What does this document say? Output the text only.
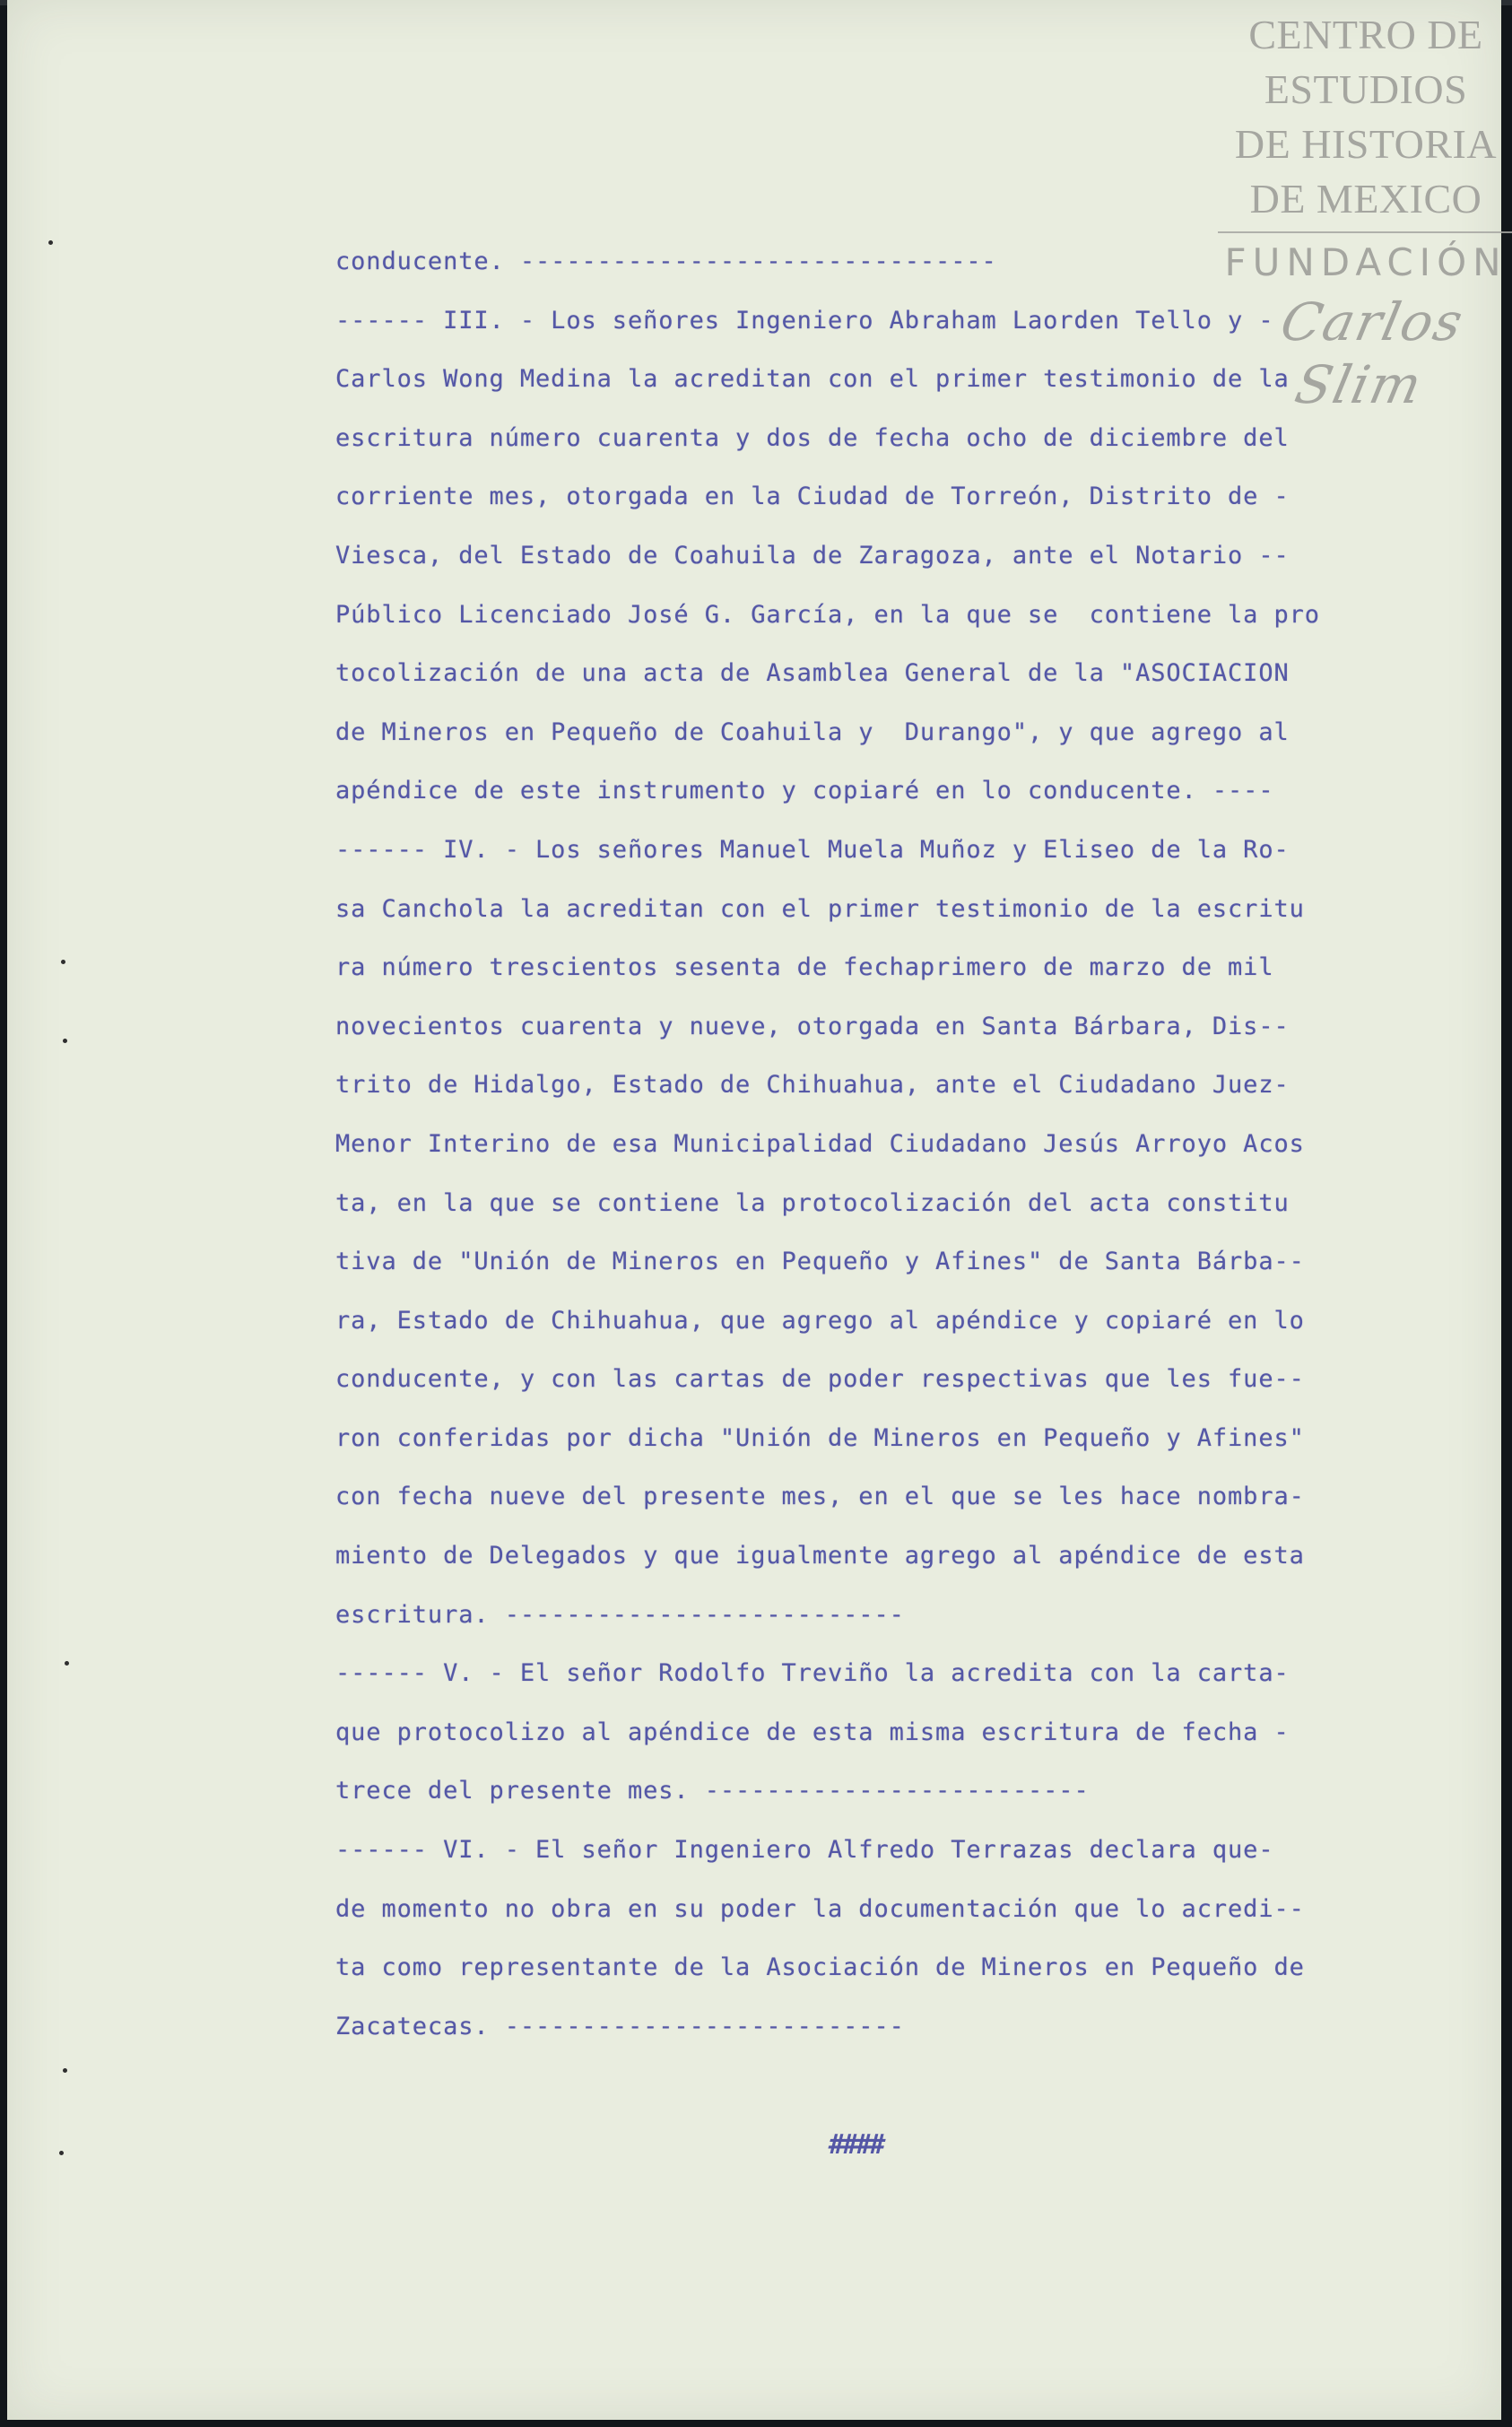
CENTRO DE
ESTUDIOS
DE HISTORIA
DE MEXICO
FUNDACIÓN
Carlos Slim
conducente. -------------------------------
------ III. - Los señores Ingeniero Abraham Laorden Tello y -
Carlos Wong Medina la acreditan con el primer testimonio de la
escritura número cuarenta y dos de fecha ocho de diciembre del
corriente mes, otorgada en la Ciudad de Torreón, Distrito de -
Viesca, del Estado de Coahuila de Zaragoza, ante el Notario --
Público Licenciado José G. García, en la que se  contiene la pro
tocolización de una acta de Asamblea General de la "ASOCIACION
de Mineros en Pequeño de Coahuila y  Durango", y que agrego al
apéndice de este instrumento y copiaré en lo conducente. ----
------ IV. - Los señores Manuel Muela Muñoz y Eliseo de la Ro-
sa Canchola la acreditan con el primer testimonio de la escritu
ra número trescientos sesenta de fechaprimero de marzo de mil
novecientos cuarenta y nueve, otorgada en Santa Bárbara, Dis--
trito de Hidalgo, Estado de Chihuahua, ante el Ciudadano Juez-
Menor Interino de esa Municipalidad Ciudadano Jesús Arroyo Acos
ta, en la que se contiene la protocolización del acta constitu
tiva de "Unión de Mineros en Pequeño y Afines" de Santa Bárba--
ra, Estado de Chihuahua, que agrego al apéndice y copiaré en lo
conducente, y con las cartas de poder respectivas que les fue--
ron conferidas por dicha "Unión de Mineros en Pequeño y Afines"
con fecha nueve del presente mes, en el que se les hace nombra-
miento de Delegados y que igualmente agrego al apéndice de esta
escritura. --------------------------
------ V. - El señor Rodolfo Treviño la acredita con la carta-
que protocolizo al apéndice de esta misma escritura de fecha -
trece del presente mes. -------------------------
------ VI. - El señor Ingeniero Alfredo Terrazas declara que-
de momento no obra en su poder la documentación que lo acredi--
ta como representante de la Asociación de Mineros en Pequeño de
Zacatecas. --------------------------
####
